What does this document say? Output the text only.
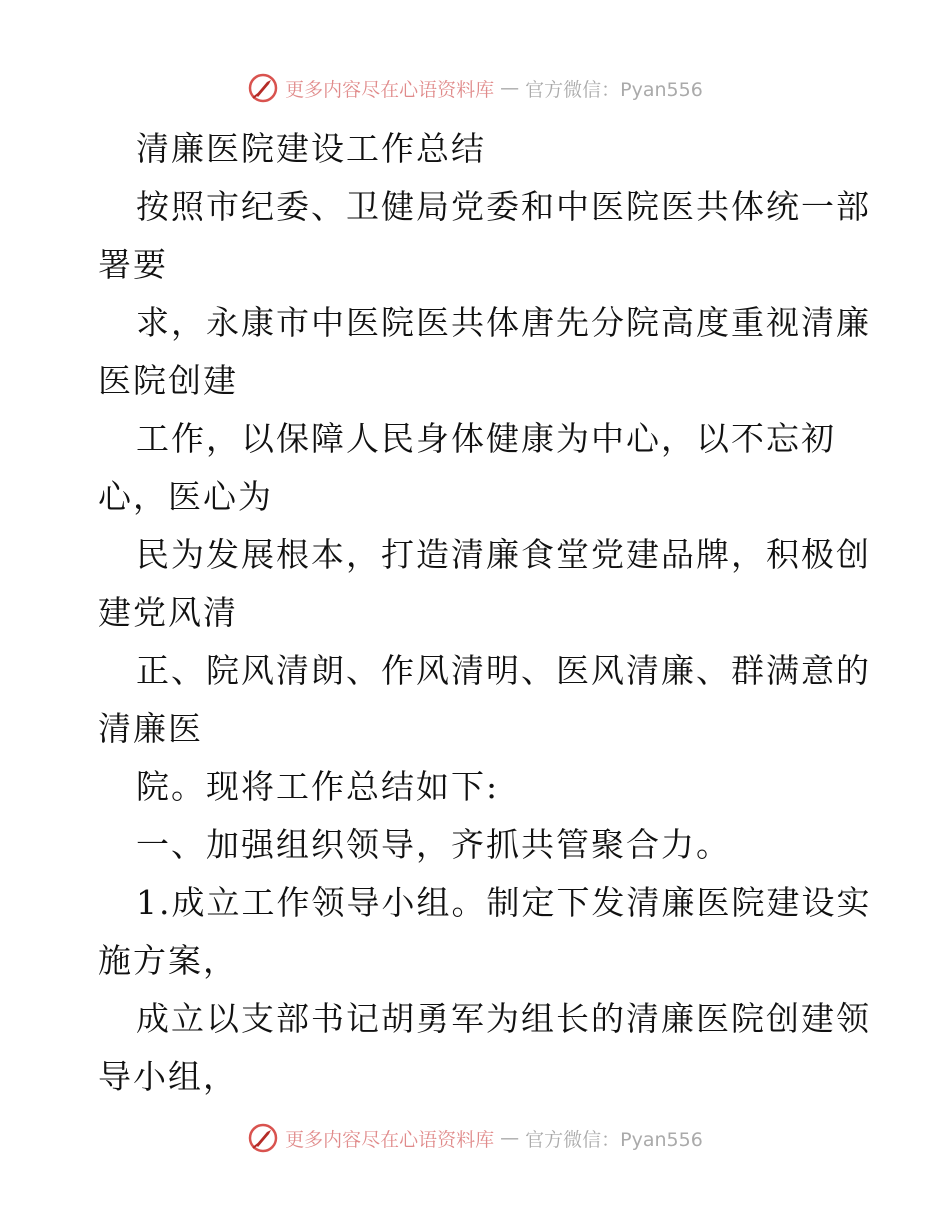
更多内容尽在心语资料库 — 官方微信：Pyan556
清廉医院建设工作总结
按照市纪委、卫健局党委和中医院医共体统一部
署要
求，永康市中医院医共体唐先分院高度重视清廉
医院创建
工作，以保障人民身体健康为中心，以不忘初
心，医心为
民为发展根本，打造清廉食堂党建品牌，积极创
建党风清
正、院风清朗、作风清明、医风清廉、群满意的
清廉医
院。现将工作总结如下:
一、加强组织领导，齐抓共管聚合力。
1.成立工作领导小组。制定下发清廉医院建设实
施方案，
成立以支部书记胡勇军为组长的清廉医院创建领
导小组，
更多内容尽在心语资料库 — 官方微信：Pyan556
